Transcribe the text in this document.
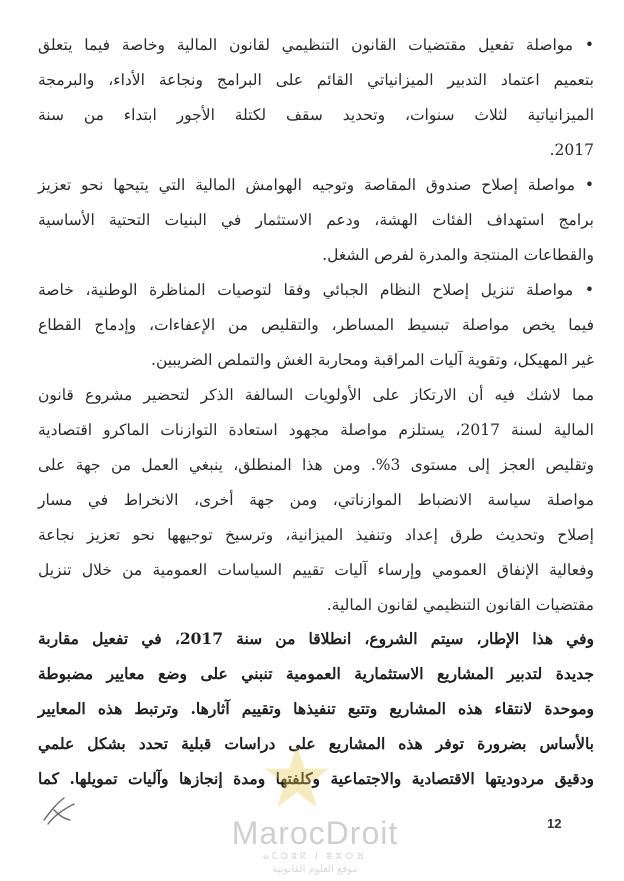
• مواصلة تفعيل مقتضيات القانون التنظيمي لقانون المالية وخاصة فيما يتعلق
بتعميم اعتماد التدبير الميزانياتي القائم على البرامج ونجاعة الأداء، والبرمجة
الميزانياتية لثلاث سنوات، وتحديد سقف لكتلة الأجور ابتداء من سنة
2017.
• مواصلة إصلاح صندوق المقاصة وتوجيه الهوامش المالية التي يتيحها نحو تعزيز
برامج استهداف الفئات الهشة، ودعم الاستثمار في البنيات التحتية الأساسية
والقطاعات المنتجة والمدرة لفرص الشغل.
• مواصلة تنزيل إصلاح النظام الجبائي وفقا لتوصيات المناظرة الوطنية، خاصة
فيما يخص مواصلة تبسيط المساطر، والتقليص من الإعفاءات، وإدماج القطاع
غير المهيكل، وتقوية آليات المراقبة ومحاربة الغش والتملص الضريبين.
مما لاشك فيه أن الارتكاز على الأولويات السالفة الذكر لتحضير مشروع قانون
المالية لسنة 2017، يستلزم مواصلة مجهود استعادة التوازنات الماكرو اقتصادية
وتقليص العجز إلى مستوى 3%. ومن هذا المنطلق، ينبغي العمل من جهة على
مواصلة سياسة الانضباط الموازناتي، ومن جهة أخرى، الانخراط في مسار
إصلاح وتحديث طرق إعداد وتنفيذ الميزانية، وترسيخ توجيهها نحو تعزيز نجاعة
وفعالية الإنفاق العمومي وإرساء آليات تقييم السياسات العمومية من خلال تنزيل
مقتضيات القانون التنظيمي لقانون المالية.
وفي هذا الإطار، سيتم الشروع، انطلاقا من سنة 2017، في تفعيل مقاربة
جديدة لتدبير المشاريع الاستثمارية العمومية تنبني على وضع معايير مضبوطة
وموحدة لانتقاء هذه المشاريع وتتبع تنفيذها وتقييم آثارها. وترتبط هذه المعايير
بالأساس بضرورة توفر هذه المشاريع على دراسات قبلية تحدد بشكل علمي
ودقيق مردوديتها الاقتصادية والاجتماعية وكلفتها ومدة إنجازها وآليات تمويلها. كما
MarocDroit
ⴰⵎⵔⵓⴽ ⵏ ⵓⵣⵔⴼ
موقع العلوم القانونية
12
